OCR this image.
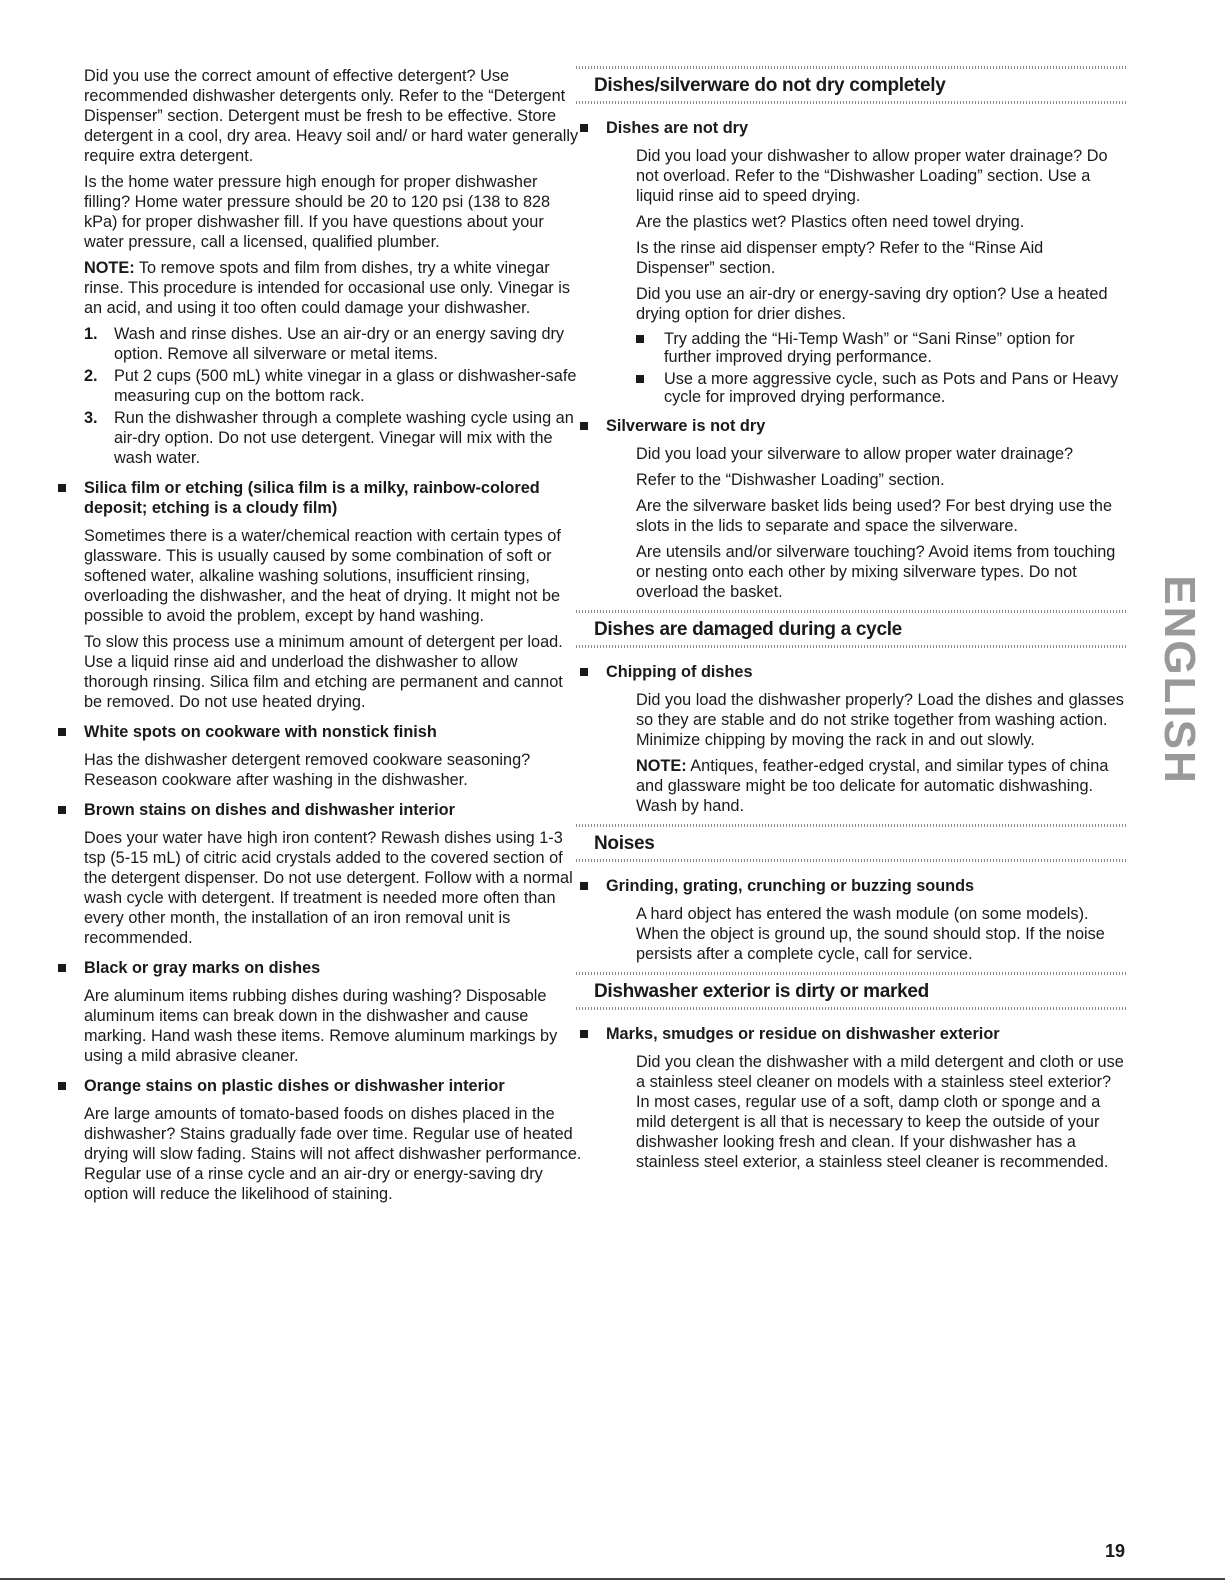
Did you use the correct amount of effective detergent? Use recommended dishwasher detergents only. Refer to the “Detergent Dispenser” section. Detergent must be fresh to be effective. Store detergent in a cool, dry area. Heavy soil and/ or hard water generally require extra detergent.

Is the home water pressure high enough for proper dishwasher filling? Home water pressure should be 20 to 120 psi (138 to 828 kPa) for proper dishwasher fill. If you have questions about your water pressure, call a licensed, qualified plumber.

NOTE: To remove spots and film from dishes, try a white vinegar rinse. This procedure is intended for occasional use only. Vinegar is an acid, and using it too often could damage your dishwasher.

1.	Wash and rinse dishes. Use an air-dry or an energy saving dry option. Remove all silverware or metal items.
2.	Put 2 cups (500 mL) white vinegar in a glass or dishwasher-safe measuring cup on the bottom rack.
3.	Run the dishwasher through a complete washing cycle using an air-dry option. Do not use detergent. Vinegar will mix with the wash water.
Silica film or etching (silica film is a milky, rainbow-colored deposit; etching is a cloudy film)

Sometimes there is a water/chemical reaction with certain types of glassware. This is usually caused by some combination of soft or softened water, alkaline washing solutions, insufficient rinsing, overloading the dishwasher, and the heat of drying. It might not be possible to avoid the problem, except by hand washing.

To slow this process use a minimum amount of detergent per load. Use a liquid rinse aid and underload the dishwasher to allow thorough rinsing. Silica film and etching are permanent and cannot be removed. Do not use heated drying.

White spots on cookware with nonstick finish

Has the dishwasher detergent removed cookware seasoning? Reseason cookware after washing in the dishwasher.

Brown stains on dishes and dishwasher interior

Does your water have high iron content? Rewash dishes using 1-3 tsp (5-15 mL) of citric acid crystals added to the covered section of the detergent dispenser. Do not use detergent. Follow with a normal wash cycle with detergent. If treatment is needed more often than every other month, the installation of an iron removal unit is recommended.

Black or gray marks on dishes

Are aluminum items rubbing dishes during washing? Disposable aluminum items can break down in the dishwasher and cause marking. Hand wash these items. Remove aluminum markings by using a mild abrasive cleaner.

Orange stains on plastic dishes or dishwasher interior

Are large amounts of tomato-based foods on dishes placed in the dishwasher? Stains gradually fade over time. Regular use of heated drying will slow fading. Stains will not affect dishwasher performance. Regular use of a rinse cycle and an air-dry or energy-saving dry option will reduce the likelihood of staining.

Dishes/silverware do not dry completely
Dishes are not dry

Did you load your dishwasher to allow proper water drainage? Do not overload. Refer to the “Dishwasher Loading” section. Use a liquid rinse aid to speed drying.

Are the plastics wet? Plastics often need towel drying.

Is the rinse aid dispenser empty? Refer to the “Rinse Aid Dispenser” section.

Did you use an air-dry or energy-saving dry option? Use a heated drying option for drier dishes.

Try adding the “Hi-Temp Wash” or “Sani Rinse” option for further improved drying performance.
Use a more aggressive cycle, such as Pots and Pans or Heavy cycle for improved drying performance.
Silverware is not dry

Did you load your silverware to allow proper water drainage?

Refer to the “Dishwasher Loading” section.

Are the silverware basket lids being used? For best drying use the slots in the lids to separate and space the silverware.

Are utensils and/or silverware touching? Avoid items from touching or nesting onto each other by mixing silverware types. Do not overload the basket.

Dishes are damaged during a cycle
Chipping of dishes

Did you load the dishwasher properly? Load the dishes and glasses so they are stable and do not strike together from washing action. Minimize chipping by moving the rack in and out slowly.

NOTE: Antiques, feather-edged crystal, and similar types of china and glassware might be too delicate for automatic dishwashing. Wash by hand.

Noises
Grinding, grating, crunching or buzzing sounds

A hard object has entered the wash module (on some models). When the object is ground up, the sound should stop. If the noise persists after a complete cycle, call for service.

Dishwasher exterior is dirty or marked
Marks, smudges or residue on dishwasher exterior

Did you clean the dishwasher with a mild detergent and cloth or use a stainless steel cleaner on models with a stainless steel exterior? In most cases, regular use of a soft, damp cloth or sponge and a mild detergent is all that is necessary to keep the outside of your dishwasher looking fresh and clean. If your dishwasher has a stainless steel exterior, a stainless steel cleaner is recommended.

ENGLISH
19
